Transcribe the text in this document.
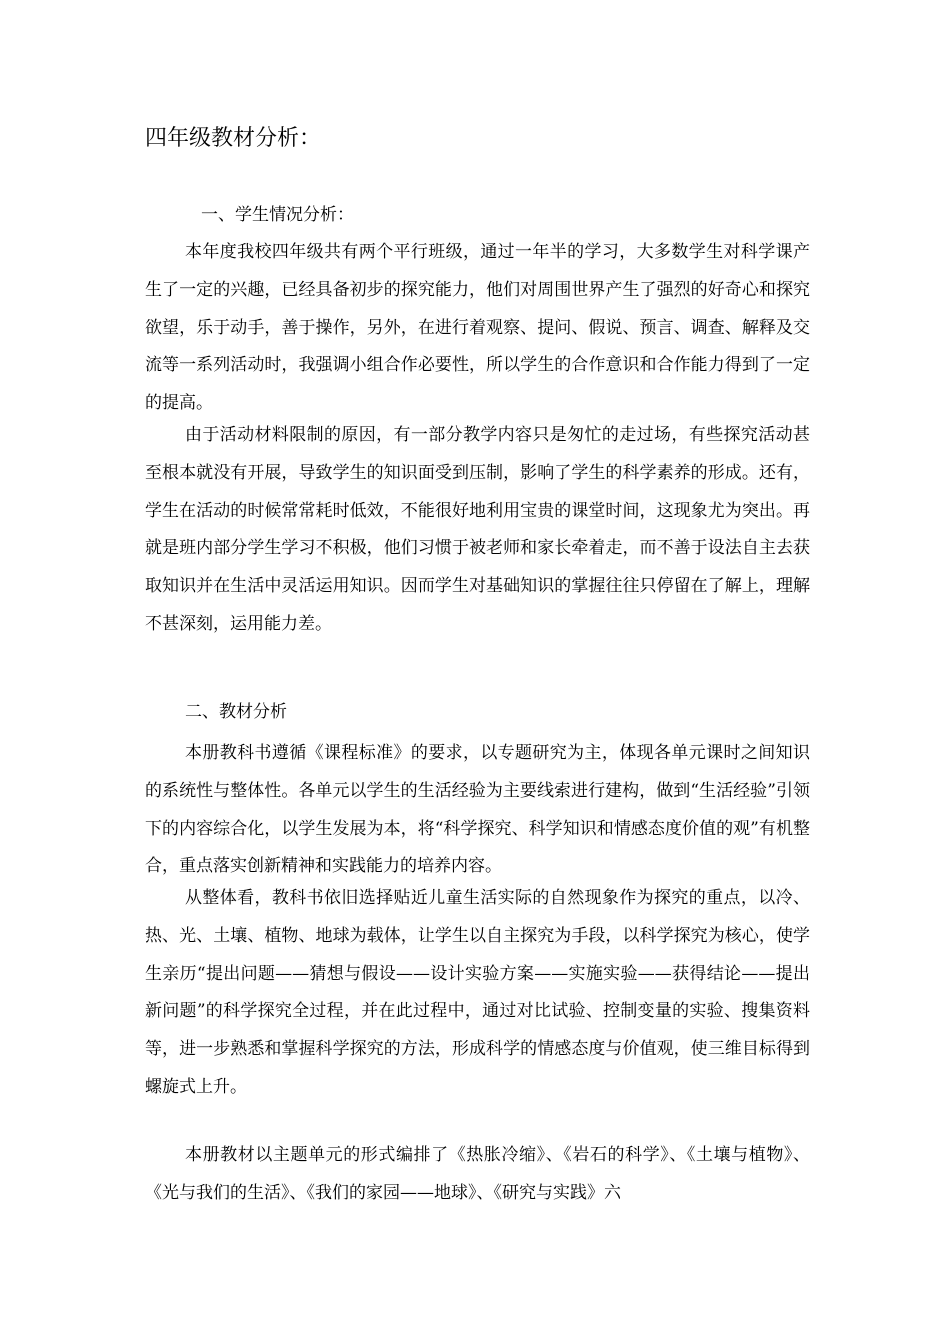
四年级教材分析：
一、学生情况分析：

本年度我校四年级共有两个平行班级，通过一年半的学习，大多数学生对科学课产生了一定的兴趣，已经具备初步的探究能力，他们对周围世界产生了强烈的好奇心和探究欲望，乐于动手，善于操作，另外，在进行着观察、提问、假说、预言、调查、解释及交流等一系列活动时，我强调小组合作必要性，所以学生的合作意识和合作能力得到了一定的提高。

由于活动材料限制的原因，有一部分教学内容只是匆忙的走过场，有些探究活动甚至根本就没有开展，导致学生的知识面受到压制，影响了学生的科学素养的形成。还有，学生在活动的时候常常耗时低效，不能很好地利用宝贵的课堂时间，这现象尤为突出。再就是班内部分学生学习不积极，他们习惯于被老师和家长牵着走，而不善于设法自主去获取知识并在生活中灵活运用知识。因而学生对基础知识的掌握往往只停留在了解上，理解不甚深刻，运用能力差。

二、教材分析

本册教科书遵循《课程标准》的要求，以专题研究为主，体现各单元课时之间知识的系统性与整体性。各单元以学生的生活经验为主要线索进行建构，做到“生活经验”引领下的内容综合化，以学生发展为本，将“科学探究、科学知识和情感态度价值的观”有机整合，重点落实创新精神和实践能力的培养内容。

从整体看，教科书依旧选择贴近儿童生活实际的自然现象作为探究的重点，以冷、热、光、土壤、植物、地球为载体，让学生以自主探究为手段，以科学探究为核心，使学生亲历“提出问题——猜想与假设——设计实验方案——实施实验——获得结论——提出新问题”的科学探究全过程，并在此过程中，通过对比试验、控制变量的实验、搜集资料等，进一步熟悉和掌握科学探究的方法，形成科学的情感态度与价值观，使三维目标得到螺旋式上升。

本册教材以主题单元的形式编排了《热胀冷缩》、《岩石的科学》、《土壤与植物》、《光与我们的生活》、《我们的家园——地球》、《研究与实践》六
